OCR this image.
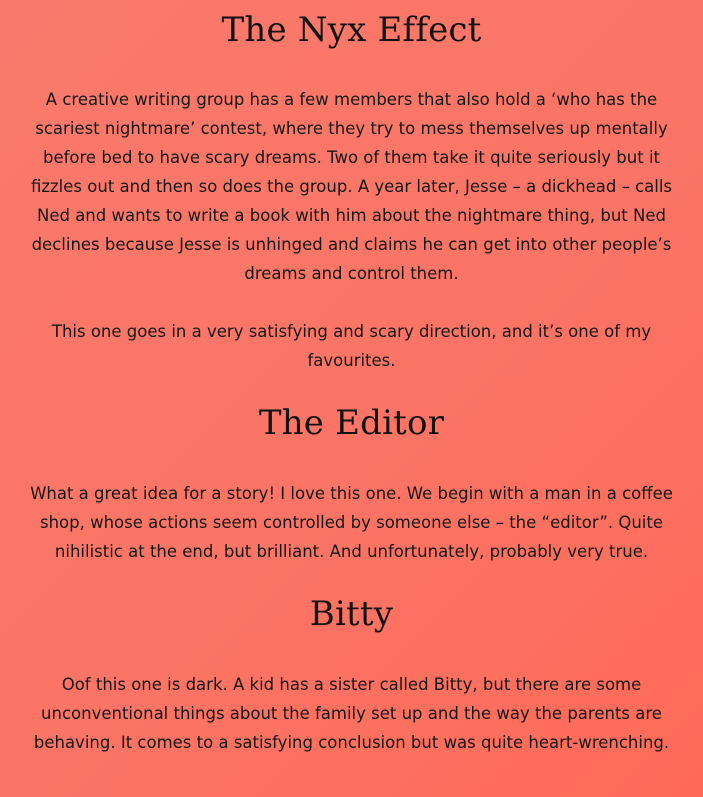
The Nyx Effect

A creative writing group has a few members that also hold a ‘who has the scariest nightmare’ contest, where they try to mess themselves up mentally before bed to have scary dreams. Two of them take it quite seriously but it fizzles out and then so does the group. A year later, Jesse – a dickhead – calls Ned and wants to write a book with him about the nightmare thing, but Ned declines because Jesse is unhinged and claims he can get into other people’s dreams and control them.

This one goes in a very satisfying and scary direction, and it’s one of my favourites.

The Editor

What a great idea for a story! I love this one. We begin with a man in a coffee shop, whose actions seem controlled by someone else – the “editor”. Quite nihilistic at the end, but brilliant. And unfortunately, probably very true.

Bitty

Oof this one is dark. A kid has a sister called Bitty, but there are some unconventional things about the family set up and the way the parents are behaving. It comes to a satisfying conclusion but was quite heart-wrenching.
